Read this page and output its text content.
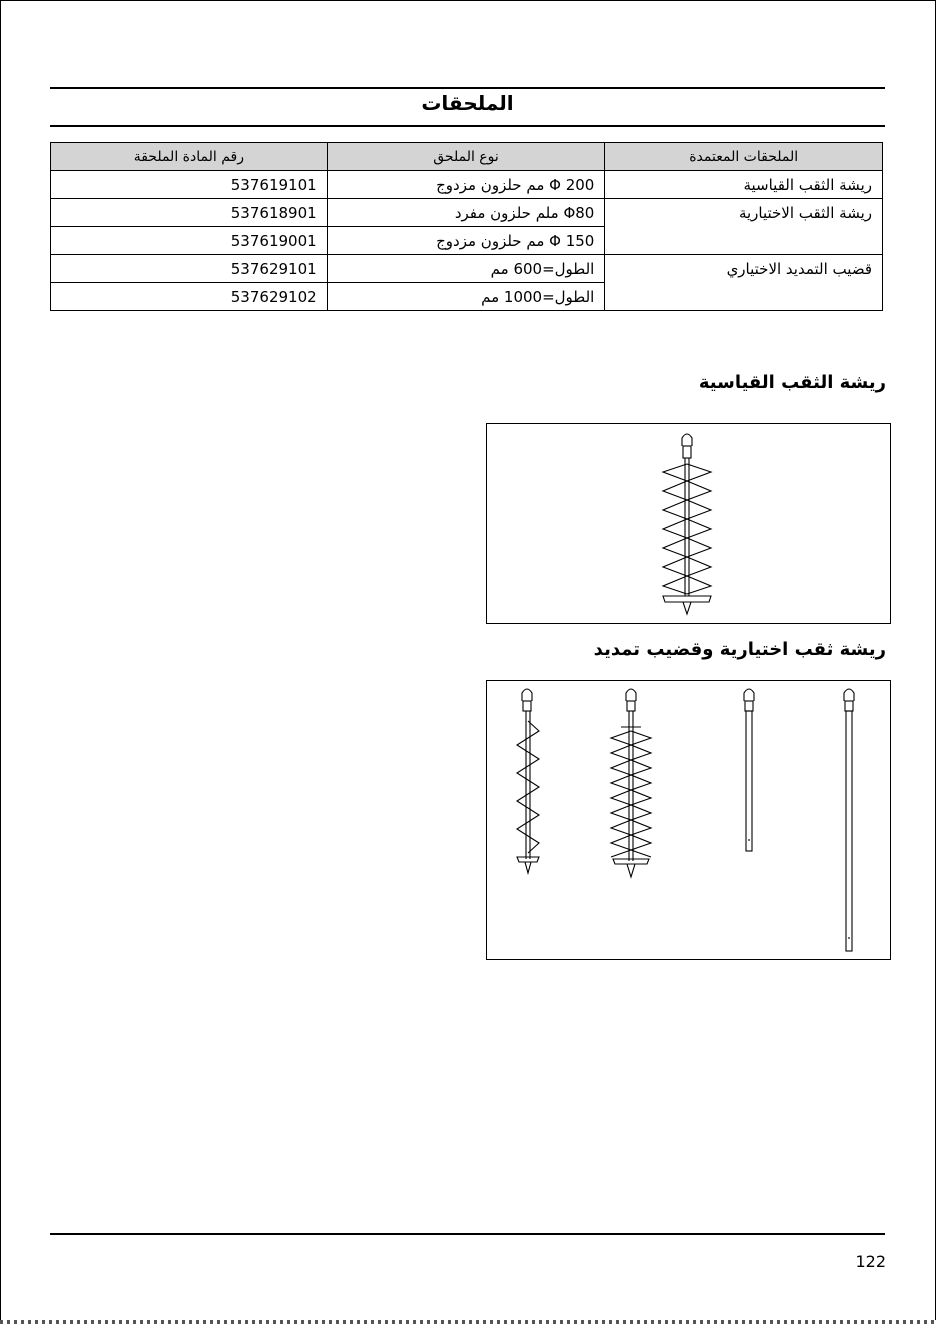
الملحقات
رقم المادة الملحقة	نوع الملحق	الملحقات المعتمدة
537619101	Φ 200 مم حلزون مزدوج	ريشة الثقب القياسية
537618901	Φ80 ملم حلزون مفرد	ريشة الثقب الاختيارية
537619001	Φ 150 مم حلزون مزدوج	
537629101	الطول=600 مم	قضيب التمديد الاختياري
537629102	الطول=1000 مم	
ريشة الثقب القياسية
ريشة ثقب اختيارية وقضيب تمديد
122
